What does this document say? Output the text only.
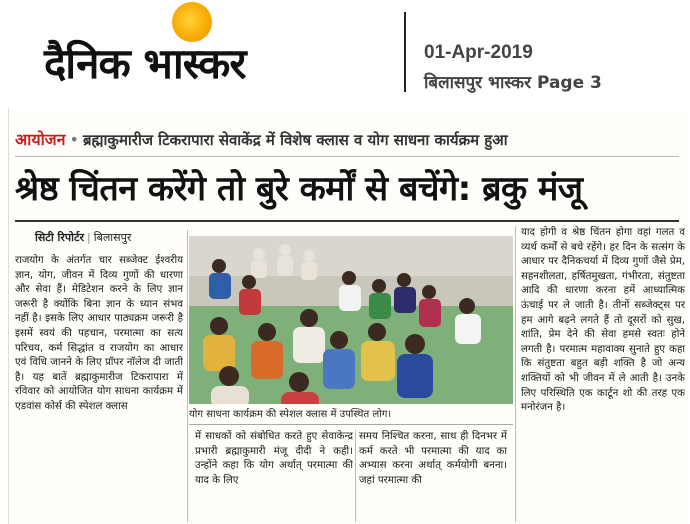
दैनिक भास्कर	01-Apr-2019
बिलासपुर भास्कर Page 3
आयोजन • ब्रह्माकुमारीज टिकरापारा सेवाकेंद्र में विशेष क्लास व योग साधना कार्यक्रम हुआ
श्रेष्ठ चिंतन करेंगे तो बुरे कर्मों से बचेंगे: ब्रकु मंजू
सिटी रिपोर्टर | बिलासपुर
राजयोग के अंतर्गत चार सब्जेक्ट ईश्वरीय ज्ञान, योग, जीवन में दिव्य गुणों की धारणा और सेवा हैं। मेडिटेशन करने के लिए ज्ञान जरूरी है क्योंकि बिना ज्ञान के ध्यान संभव नहीं है। इसके लिए आधार पाठ्यक्रम जरूरी है इसमें स्वयं की पहचान, परमात्मा का सत्य परिचय, कर्म सिद्धांत व राजयोग का आधार एवं विधि जानने के लिए प्रॉपर नॉलेज दी जाती है। यह बातें ब्रह्माकुमारीज टिकरापारा में रविवार को आयोजित योग साधना कार्यक्रम में एडवांस कोर्स की स्पेशल क्लास
योग साधना कार्यक्रम की स्पेशल क्लास में उपस्थित लोग।
में साधकों को संबोधित करते हुए सेवाकेन्द्र प्रभारी ब्रह्माकुमारी मंजू दीदी ने कही। उन्होंने कहा कि योग अर्थात् परमात्मा की याद के लिए
समय निश्चित करना, साथ ही दिनभर में कर्म करते भी परमात्मा की याद का अभ्यास करना अर्थात् कर्मयोगी बनना। जहां परमात्मा की
याद होगी व श्रेष्ठ चिंतन होगा वहां गलत व व्यर्थ कर्मों से बचे रहेंगे। हर दिन के सत्संग के आधार पर दैनिकचर्या में दिव्य गुणों जैसे प्रेम, सहनशीलता, हर्षितमुखता, गंभीरता, संतुष्टता आदि की धारणा करना हमें आध्यात्मिक ऊंचाई पर ले जाती है। तीनों सब्जेक्ट्स पर हम आगे बढ़ने लगते हैं तो दूसरों को सुख, शांति, प्रेम देने की सेवा हमसे स्वतः होने लगती है। परमात्म महावाक्य सुनाते हुए कहा कि संतुष्टता बहुत बड़ी शक्ति है जो अन्य शक्तियों को भी जीवन में ले आती है। उनके लिए परिस्थिति एक कार्टून शो की तरह एक मनोरंजन है।
